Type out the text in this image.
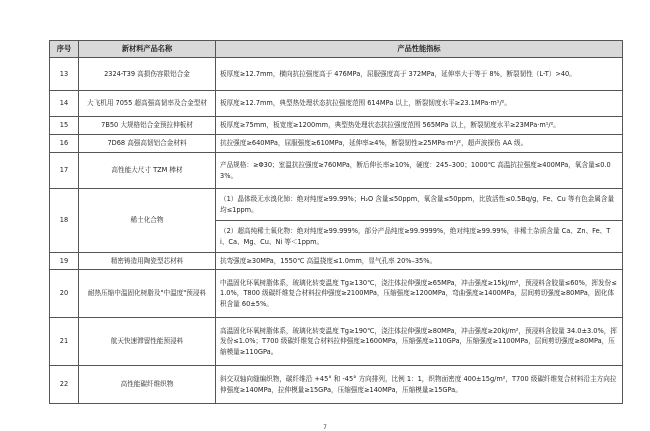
序号	新材料产品名称	产品性能指标
13	2324-T39 高损伤容限铝合金	板厚度≥12.7mm，横向抗拉强度高于 476MPa，屈服强度高于 372MPa，延伸率大于等于 8%，断裂韧性（L-T）>40。
14	大飞机用 7055 超高强高韧率及合金型材	板厚度≥12.7mm，典型热处理状态抗拉强度范围 614MPa 以上，断裂韧度水平≥23.1MPa·m¹/²。
15	7B50 大规格铝合金预拉伸板材	板厚度≥75mm，板宽度≥1200mm，典型热处理状态抗拉强度范围 565MPa 以上，断裂韧度水平≥23MPa·m¹/²。
16	7D68 高强高韧铝合金材料	抗拉强度≥640MPa，屈服强度≥610MPa，延伸率≥4%，断裂韧性≥25MPa·m¹/²，超声波探伤 AA 级。
17	高性能大尺寸 TZM 棒材	产品规格：≥Φ30；室温抗拉强度≥760MPa，断后伸长率≥10%，硬度：245–300；1000℃ 高温抗拉强度≥400MPa，氧含量≤0.03%。
18	稀土化合物	（1）晶体级无水溴化铈：绝对纯度≥99.99%；H₂O 含量≤50ppm，氧含量≤50ppm，比放活性≤0.5Bq/g，Fe、Cu 等有色金属含量均≤1ppm。
		（2）超高纯稀土氧化物：绝对纯度≥99.999%，部分产品纯度≥99.9999%，绝对纯度≥99.99%，非稀土杂质含量 Ca、Zn、Fe、Ti、Ca、Mg、Cu、Ni 等＜1ppm。
19	精密铸造用陶瓷型芯材料	抗弯强度≥30MPa，1550℃ 高温挠度≤1.0mm，显气孔率 20%–35%。
20	耐热压缩中温固化树脂及"中温度"预浸料	中温固化环氧树脂体系，玻璃化转变温度 Tg≥130℃，浇注体拉伸强度≥65MPa，冲击强度≥15kJ/m²，预浸料含胶量≤60%，挥发份≤1.0%，T800 级碳纤维复合材料拉伸强度≥2100MPa，压缩强度≥1200MPa，弯曲强度≥1400MPa，层间剪切强度≥80MPa，固化体积含量 60±5%。
21	航天快速滞留性能预浸料	高温固化环氧树脂体系，玻璃化转变温度 Tg≥190℃，浇注体拉伸强度≥80MPa，冲击强度≥20kJ/m²，预浸料含胶量 34.0±3.0%，挥发份≤1.0%；T700 级碳纤维复合材料拉伸强度≥1600MPa，压缩强度≥110GPa，压缩强度≥1100MPa，层间剪切强度≥80MPa，压缩模量≥110GPa。
22	高性能碳纤维织物	斜交双轴向缝编织物，碳纤维沿 +45° 和 -45° 方向排列，比例 1：1，织物面密度 400±15g/m²，T700 级碳纤维复合材料沿主方向拉伸强度≥140MPa，拉伸模量≥15GPa，压缩强度≥140MPa，压缩模量≥15GPa。
7
